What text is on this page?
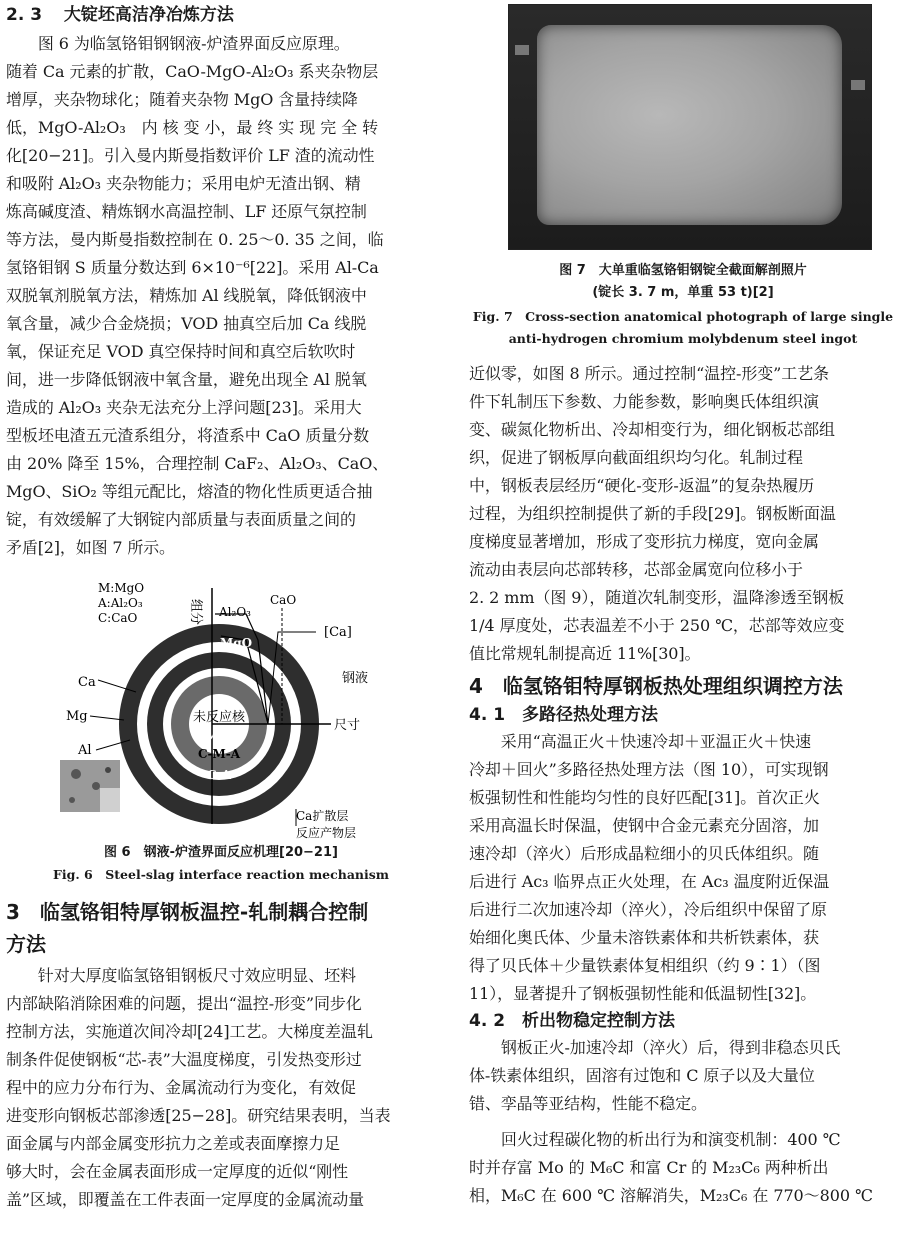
2. 3 大锭坯高洁净冶炼方法
　　图 6 为临氢铬钼钢钢液-炉渣界面反应原理。
随着 Ca 元素的扩散，CaO-MgO-Al₂O₃ 系夹杂物层
增厚，夹杂物球化；随着夹杂物 MgO 含量持续降
低，MgO-Al₂O₃　内 核 变 小，最 终 实 现 完 全 转
化[20−21]。引入曼内斯曼指数评价 LF 渣的流动性
和吸附 Al₂O₃ 夹杂物能力；采用电炉无渣出钢、精
炼高碱度渣、精炼钢水高温控制、LF 还原气氛控制
等方法，曼内斯曼指数控制在 0. 25～0. 35 之间，临
氢铬钼钢 S 质量分数达到 6×10⁻⁶[22]。采用 Al-Ca
双脱氧剂脱氧方法，精炼加 Al 线脱氧，降低钢液中
氧含量，减少合金烧损；VOD 抽真空后加 Ca 线脱
氧，保证充足 VOD 真空保持时间和真空后软吹时
间，进一步降低钢液中氧含量，避免出现全 Al 脱氧
造成的 Al₂O₃ 夹杂无法充分上浮问题[23]。采用大
型板坯电渣五元渣系组分，将渣系中 CaO 质量分数
由 20% 降至 15%，合理控制 CaF₂、Al₂O₃、CaO、
MgO、SiO₂ 等组元配比，熔渣的物化性质更适合抽
锭，有效缓解了大钢锭内部质量与表面质量之间的
矛盾[2]，如图 7 所示。
M:MgO
A:Al₂O₃
C:CaO	组分
尺寸
Al₂O₃
CaO
MgO
[Ca]
钢液
Ca
Mg
Al
未反应核
M-A
C-M-A
C-A
Ca扩散层
反应产物层
图 6　钢液-炉渣界面反应机理[20−21]
Fig. 6　Steel-slag interface reaction mechanism
3　临氢铬钼特厚钢板温控-轧制耦合控制
方法
　　针对大厚度临氢铬钼钢板尺寸效应明显、坯料
内部缺陷消除困难的问题，提出“温控-形变”同步化
控制方法，实施道次间冷却[24]工艺。大梯度差温轧
制条件促使钢板“芯-表”大温度梯度，引发热变形过
程中的应力分布行为、金属流动行为变化，有效促
进变形向钢板芯部渗透[25−28]。研究结果表明，当表
面金属与内部金属变形抗力之差或表面摩擦力足
够大时，会在金属表面形成一定厚度的近似“刚性
盖”区域，即覆盖在工件表面一定厚度的金属流动量
图 7　大单重临氢铬钼钢锭全截面解剖照片
(锭长 3. 7 m，单重 53 t)[2]
Fig. 7　Cross-section anatomical photograph of large single
anti-hydrogen chromium molybdenum steel ingot
近似零，如图 8 所示。通过控制“温控-形变”工艺条
件下轧制压下参数、力能参数，影响奥氏体组织演
变、碳氮化物析出、冷却相变行为，细化钢板芯部组
织，促进了钢板厚向截面组织均匀化。轧制过程
中，钢板表层经历“硬化-变形-返温”的复杂热履历
过程，为组织控制提供了新的手段[29]。钢板断面温
度梯度显著增加，形成了变形抗力梯度，宽向金属
流动由表层向芯部转移，芯部金属宽向位移小于
2. 2 mm（图 9），随道次轧制变形，温降渗透至钢板
1/4 厚度处，芯表温差不小于 250 ℃，芯部等效应变
值比常规轧制提高近 11%[30]。
4　临氢铬钼特厚钢板热处理组织调控方法
4. 1　多路径热处理方法
　　采用“高温正火＋快速冷却＋亚温正火＋快速
冷却＋回火”多路径热处理方法（图 10），可实现钢
板强韧性和性能均匀性的良好匹配[31]。首次正火
采用高温长时保温，使钢中合金元素充分固溶，加
速冷却（淬火）后形成晶粒细小的贝氏体组织。随
后进行 Ac₃ 临界点正火处理，在 Ac₃ 温度附近保温
后进行二次加速冷却（淬火），冷后组织中保留了原
始细化奥氏体、少量未溶铁素体和共析铁素体，获
得了贝氏体＋少量铁素体复相组织（约 9∶1）（图
11），显著提升了钢板强韧性能和低温韧性[32]。
4. 2　析出物稳定控制方法
　　钢板正火-加速冷却（淬火）后，得到非稳态贝氏
体-铁素体组织，固溶有过饱和 C 原子以及大量位
错、孪晶等亚结构，性能不稳定。
　　回火过程碳化物的析出行为和演变机制：400 ℃
时并存富 Mo 的 M₆C 和富 Cr 的 M₂₃C₆ 两种析出
相，M₆C 在 600 ℃ 溶解消失，M₂₃C₆ 在 770～800 ℃
